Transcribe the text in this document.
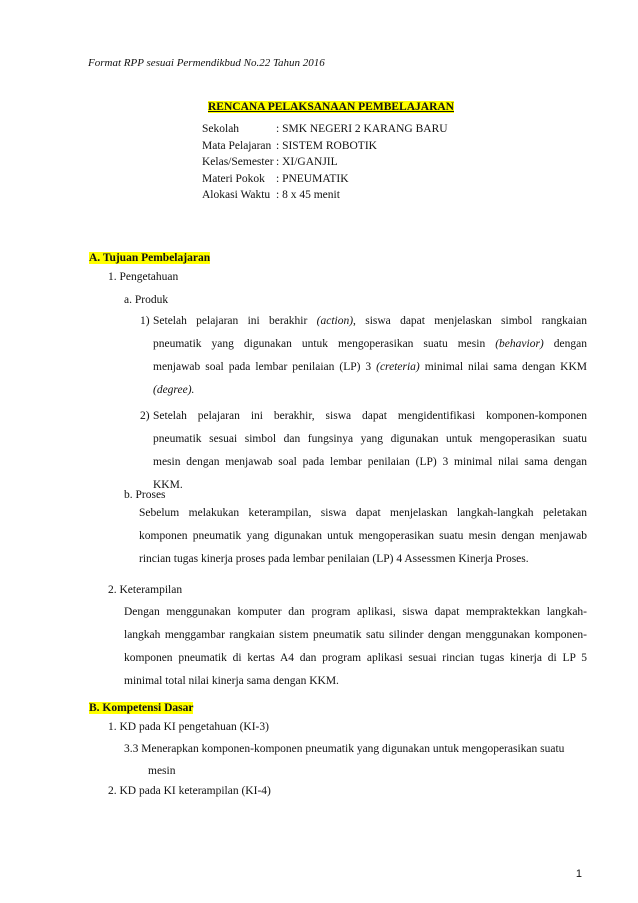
Format RPP sesuai Permendikbud No.22 Tahun 2016
RENCANA PELAKSANAAN PEMBELAJARAN
Sekolah	: SMK NEGERI 2 KARANG BARU
Mata Pelajaran : SISTEM ROBOTIK
Kelas/Semester : XI/GANJIL
Materi Pokok : PNEUMATIK
Alokasi Waktu : 8 x 45 menit
A. Tujuan Pembelajaran
1. Pengetahuan
a. Produk
1) Setelah pelajaran ini berakhir (action), siswa dapat menjelaskan simbol rangkaian
pneumatik yang digunakan untuk mengoperasikan suatu mesin (behavior) dengan
menjawab soal pada lembar penilaian (LP) 3 (creteria) minimal nilai sama dengan KKM
(degree).
2) Setelah pelajaran ini berakhir, siswa dapat mengidentifikasi komponen-komponen
pneumatik sesuai simbol dan fungsinya yang digunakan untuk mengoperasikan suatu
mesin dengan menjawab soal pada lembar penilaian (LP) 3 minimal nilai sama dengan
KKM.
b. Proses
Sebelum melakukan keterampilan, siswa dapat menjelaskan langkah-langkah peletakan
komponen pneumatik yang digunakan untuk mengoperasikan suatu mesin dengan menjawab
rincian tugas kinerja proses pada lembar penilaian (LP) 4 Assessmen Kinerja Proses.
2. Keterampilan
Dengan menggunakan komputer dan program aplikasi, siswa dapat mempraktekkan langkah-
langkah menggambar rangkaian sistem pneumatik satu silinder dengan menggunakan komponen-
komponen pneumatik di kertas A4 dan program aplikasi sesuai rincian tugas kinerja di LP 5
minimal total nilai kinerja sama dengan KKM.
B. Kompetensi Dasar
1. KD pada KI pengetahuan (KI-3)
3.3 Menerapkan komponen-komponen pneumatik yang digunakan untuk mengoperasikan suatu
mesin
2. KD pada KI keterampilan (KI-4)
1
